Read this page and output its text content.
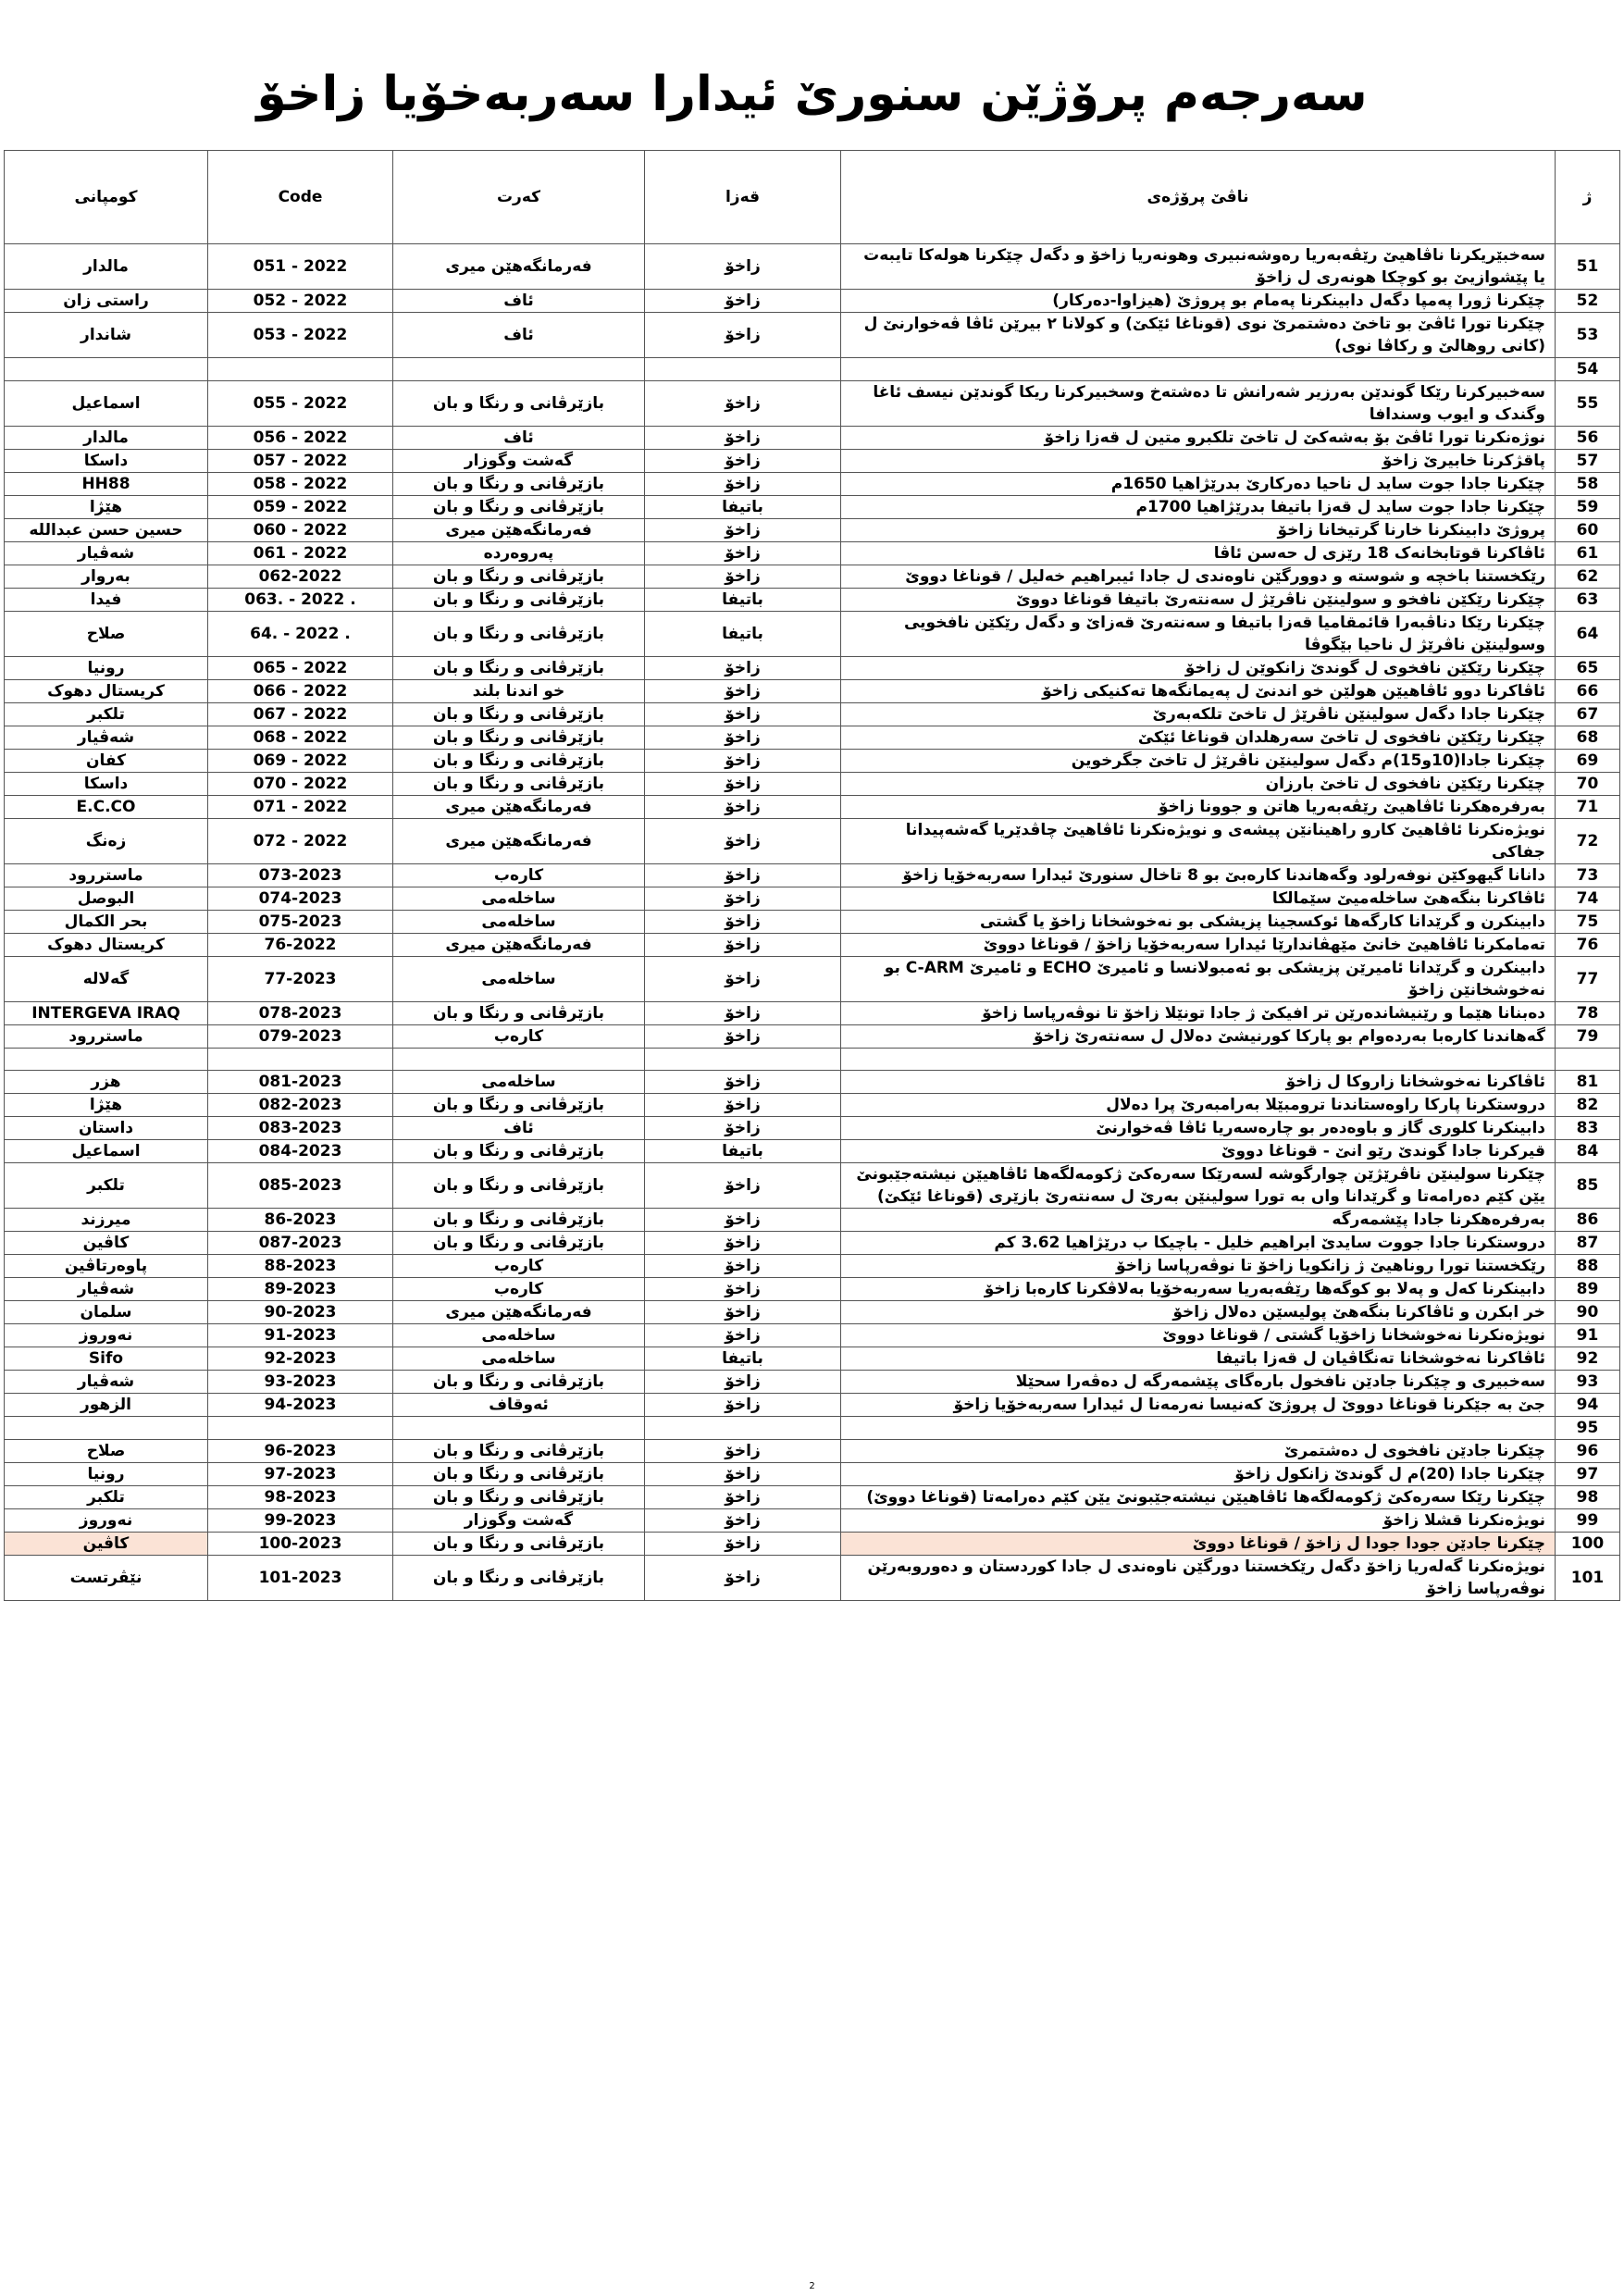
سەرجەم پرۆژێن سنورێ ئیدارا سەربەخۆیا زاخۆ
ژ	ناڤێ پرۆژەی	قەزا	کەرت	Code	کومپانی
51	سەخبێریکرنا ناڤاهیێ رێڤەبەریا رەوشەنبیری وهونەریا زاخۆ و دگەل چێکرنا هولەکا تایبەت یا پێشوازیێ بو کوچکا هونەری ل زاخۆ	زاخۆ	فەرمانگەهێن میری	051 - 2022	مالدار
52	چێکرنا ژورا پەمپا دگەل دابینکرنا پەمام بو پروژێ (هیزاوا-دەرکار)	زاخۆ	ئاف	052 - 2022	راستی زان
53	چێکرنا تورا ئاڤێ بو تاخێ دەشتمرێ نوی (قوناغا ئێکێ) و کولانا ٢ بیرێن ئاڤا ڤەخوارنێ ل (کانی روهالێ و رکاڤا نوی)	زاخۆ	ئاف	053 - 2022	شاندار
54					
55	سەخبیرکرنا رێکا گوندێن بەرزیر شەرانش تا دەشتەخ وسخبیرکرنا ریکا گوندێن نیسف ئاغا وگندک و ایوب وسندافا	زاخۆ	بازێرڤانی و رنگا و بان	055 - 2022	اسماعیل
56	نوژەنکرنا تورا ئاڤێ بۆ بەشەکێ ل تاخێ تلکبرو متین ل قەزا زاخۆ	زاخۆ	ئاف	056 - 2022	مالدار
57	پاقژکرنا خابیرێ زاخۆ	زاخۆ	گەشت وگوزار	057 - 2022	داسکا
58	چێکرنا جادا جوت ساید ل ناحیا دەرکارێ بدرێژاهیا 1650م	زاخۆ	بازێرڤانی و رنگا و بان	058 - 2022	HH88
59	چێکرنا جادا جوت ساید ل قەزا باتیفا بدرێژاهیا 1700م	باتیفا	بازێرڤانی و رنگا و بان	059 - 2022	هێژا
60	پروژێ دابینکرنا خارنا گرتیخانا زاخۆ	زاخۆ	فەرمانگەهێن میری	060 - 2022	حسین حسن عبدالله
61	ئاڤاکرنا قوتابخانەک 18 رێزی ل حەسن ئاڤا	زاخۆ	پەروەردە	061 - 2022	شەڤیار
62	رێکخستنا باخچە و شوستە و دوورگێن ناوەندی ل جادا ئیبراهیم خەلیل / قوناغا دووێ	زاخۆ	بازێرڤانی و رنگا و بان	062-2022	بەروار
63	چێکرنا رێکێن نافخو و سولینێن ناڤرێژ ل سەنتەرێ باتیفا قوناغا دووێ	باتیفا	بازێرڤانی و رنگا و بان	063. - 2022 .	فیدا
64	چێکرنا رێکا دناڤبەرا قائمقامیا قەزا باتیفا و سەنتەرێ قەزاێ و دگەل رێکێن نافخویی وسولینێن ناڤرێژ ل ناحیا بێگوڤا	باتیفا	بازێرڤانی و رنگا و بان	64. - 2022 .	صلاح
65	چێکرنا رێکێن نافخوی ل گوندێ زانکوێن ل زاخۆ	زاخۆ	بازێرڤانی و رنگا و بان	065 - 2022	رونیا
66	ئاڤاکرنا دوو ئاڤاهیێن هولێن خو اندنێ ل پەیمانگەها تەکنیکی زاخۆ	زاخۆ	خو اندنا بلند	066 - 2022	کریستال دهوک
67	چێکرنا جادا دگەل سولینێن ناڤرێژ ل تاخێ تلکەبەرێ	زاخۆ	بازێرڤانی و رنگا و بان	067 - 2022	تلکبر
68	چێکرنا رێکێن نافخوی ل تاخێ سەرهلدان قوناغا ئێکێ	زاخۆ	بازێرڤانی و رنگا و بان	068 - 2022	شەڤیار
69	چێکرنا جادا(10و15)م دگەل سولینێن ناڤرێژ ل تاخێ جگرخوین	زاخۆ	بازێرڤانی و رنگا و بان	069 - 2022	کفان
70	چێکرنا رێکێن نافخوی ل تاخێ بارزان	زاخۆ	بازێرڤانی و رنگا و بان	070 - 2022	داسکا
71	بەرفرەهکرنا ئاڤاهیێ رێڤەبەریا هاتن و جوونا زاخۆ	زاخۆ	فەرمانگەهێن میری	071 - 2022	E.C.CO
72	نویژەنکرنا ئاڤاهیێ کارو راهینانێن پیشەی و نویژەنکرنا ئاڤاهیێ چاڤدێریا گەشەپیدانا جفاکی	زاخۆ	فەرمانگەهێن میری	072 - 2022	زەنگ
73	دانانا گیهوکێن نوفەرلود وگەهاندنا کارەبێ بو 8 تاخال سنورێ ئیدارا سەربەخۆیا زاخۆ	زاخۆ	کارەب	073-2023	ماستررود
74	ئاڤاکرنا بنگەهێ ساخلەمیێ سێمالکا	زاخۆ	ساخلەمی	074-2023	البوصل
75	دابینکرن و گرێدانا کارگەها ئوکسجینا پزیشکی بو نەخوشخانا زاخۆ یا گشتی	زاخۆ	ساخلەمی	075-2023	بحر الکمال
76	تەمامکرنا ئاڤاهیێ خانێ مێهڤاندارێا ئیدارا سەربەخۆیا زاخۆ / قوناغا دووێ	زاخۆ	فەرمانگەهێن میری	76-2022	کریستال دهوک
77	دابینکرن و گرێدانا ئامیرێن پزیشکی بو ئەمبولانسا و ئامیرێ ECHO و ئامیرێ C-ARM بو نەخوشخانێن زاخۆ	زاخۆ	ساخلەمی	77-2023	گەلالە
78	دەبنانا هێما و رێنیشاندەرێن تر افیکێ ژ جادا تونێلا زاخۆ تا نوڤەرپاسا زاخۆ	زاخۆ	بازێرڤانی و رنگا و بان	078-2023	INTERGEVA IRAQ
79	گەهاندنا کارەبا بەردەوام بو پارکا کورنیشێ دەلال ل سەنتەرێ زاخۆ	زاخۆ	کارەب	079-2023	ماستررود

81	ئاڤاکرنا نەخوشخانا زاروکا ل زاخۆ	زاخۆ	ساخلەمی	081-2023	هزر
82	دروستکرنا پارکا راوەستاندنا ترومبێلا بەرامبەرێ پرا دەلال	زاخۆ	بازێرڤانی و رنگا و بان	082-2023	هێژا
83	دابینکرنا کلوری گاز و باوەدەر بو چارەسەریا ئاڤا ڤەخوارنێ	زاخۆ	ئاف	083-2023	داستان
84	قیرکرنا جادا گوندێ رێو انێ - قوناغا دووێ	باتیفا	بازێرڤانی و رنگا و بان	084-2023	اسماعیل
85	چێکرنا سولینێن ناڤرێژێن چوارگوشە لسەرێکا سەرەکێ ژکومەلگەها ئاڤاهیێن نیشتەجێبونێ یێن کێم دەرامەتا و گرێدانا واں بە تورا سولینێن بەرێ ل سەنتەرێ بازێری (قوناغا ئێکێ)	زاخۆ	بازێرڤانی و رنگا و بان	085-2023	تلکبر
86	بەرفرەهکرنا جادا پێشمەرگە	زاخۆ	بازێرڤانی و رنگا و بان	86-2023	میرزند
87	دروستکرنا جادا جووت سایدێ ابراهیم خلیل - باچیکا ب درێژاهیا 3.62 کم	زاخۆ	بازێرڤانی و رنگا و بان	087-2023	کاڤین
88	رێکخستنا تورا روناهیێ ژ زانکویا زاخۆ تا نوڤەرپاسا زاخۆ	زاخۆ	کارەب	88-2023	پاوەرتاڤین
89	دابینکرنا کەل و پەلا بو کوگەها رێڤەبەریا سەربەخۆیا بەلاڤکرنا کارەبا زاخۆ	زاخۆ	کارەب	89-2023	شەڤیار
90	خر ابکرن و ئاڤاکرنا بنگەهێ پولیسێن دەلال زاخۆ	زاخۆ	فەرمانگەهێن میری	90-2023	سلمان
91	نویژەنکرنا نەخوشخانا زاخۆیا گشتی / قوناغا دووێ	زاخۆ	ساخلەمی	91-2023	نەوروز
92	ئاڤاکرنا نەخوشخانا تەنگاڤیان ل قەزا باتیفا	باتیفا	ساخلەمی	92-2023	Sifo
93	سەخبیری و چێکرنا جادێن نافخول بارەگای پێشمەرگە ل دەڤەرا سحێلا	زاخۆ	بازێرڤانی و رنگا و بان	93-2023	شەڤیار
94	جێ بە جێکرنا قوناغا دووێ ل پروژێ کەنیسا نەرمەنا ل ئیدارا سەربەخۆیا زاخۆ	زاخۆ	ئەوقاف	94-2023	الزهور
95					
96	چێکرنا جادێن نافخوی ل دەشتمرێ	زاخۆ	بازێرڤانی و رنگا و بان	96-2023	صلاح
97	چێکرنا جادا (20)م ل گوندێ زانکول زاخۆ	زاخۆ	بازێرڤانی و رنگا و بان	97-2023	رونیا
98	چێکرنا رێکا سەرەکێ ژکومەلگەها ئاڤاهیێن نیشتەجێبونێ یێن کێم دەرامەتا (قوناغا دووێ)	زاخۆ	بازێرڤانی و رنگا و بان	98-2023	تلکبر
99	نویژەنکرنا قشلا زاخۆ	زاخۆ	گەشت وگوزار	99-2023	نەوروز
100	چێکرنا جادێن جودا جودا ل زاخۆ / قوناغا دووێ	زاخۆ	بازێرڤانی و رنگا و بان	100-2023	کاڤین
101	نویژەنکرنا گەلەریا زاخۆ دگەل رێکخستنا دورگێن ناوەندی ل جادا کوردستان و دەوروبەرێن نوڤەرپاسا زاخۆ	زاخۆ	بازێرڤانی و رنگا و بان	101-2023	نێڤرتست
2
